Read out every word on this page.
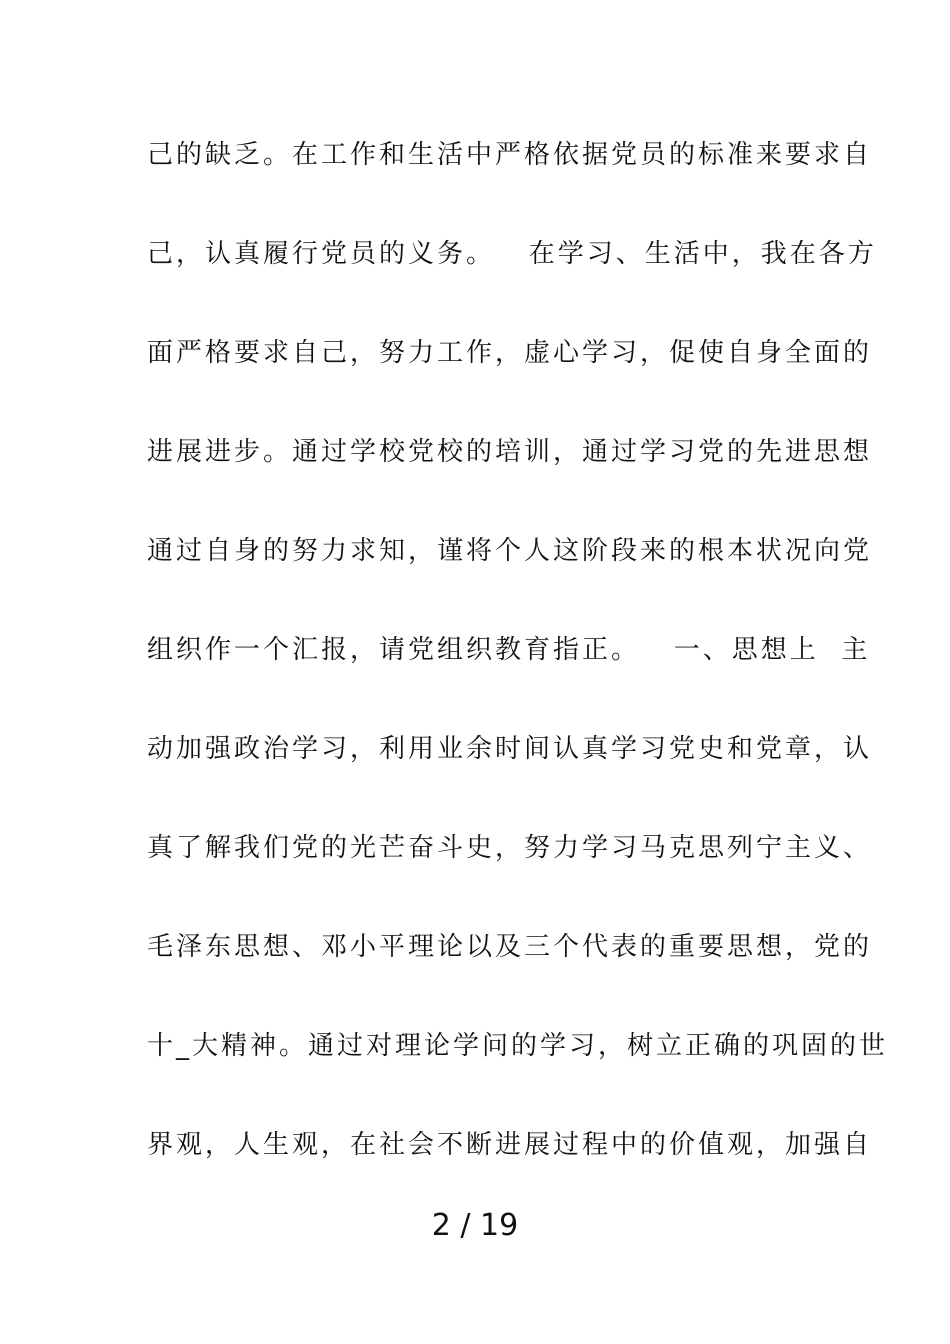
己的缺乏。在工作和生活中严格依据党员的标准来要求自
己，认真履行党员的义务。   在学习、生活中，我在各方
面严格要求自己，努力工作，虚心学习，促使自身全面的
进展进步。通过学校党校的培训，通过学习党的先进思想
通过自身的努力求知，谨将个人这阶段来的根本状况向党
组织作一个汇报，请党组织教育指正。   一、思想上  主
动加强政治学习，利用业余时间认真学习党史和党章，认
真了解我们党的光芒奋斗史，努力学习马克思列宁主义、
毛泽东思想、邓小平理论以及三个代表的重要思想，党的
十_大精神。通过对理论学问的学习，树立正确的巩固的世
界观，人生观，在社会不断进展过程中的价值观，加强自
2 / 19
